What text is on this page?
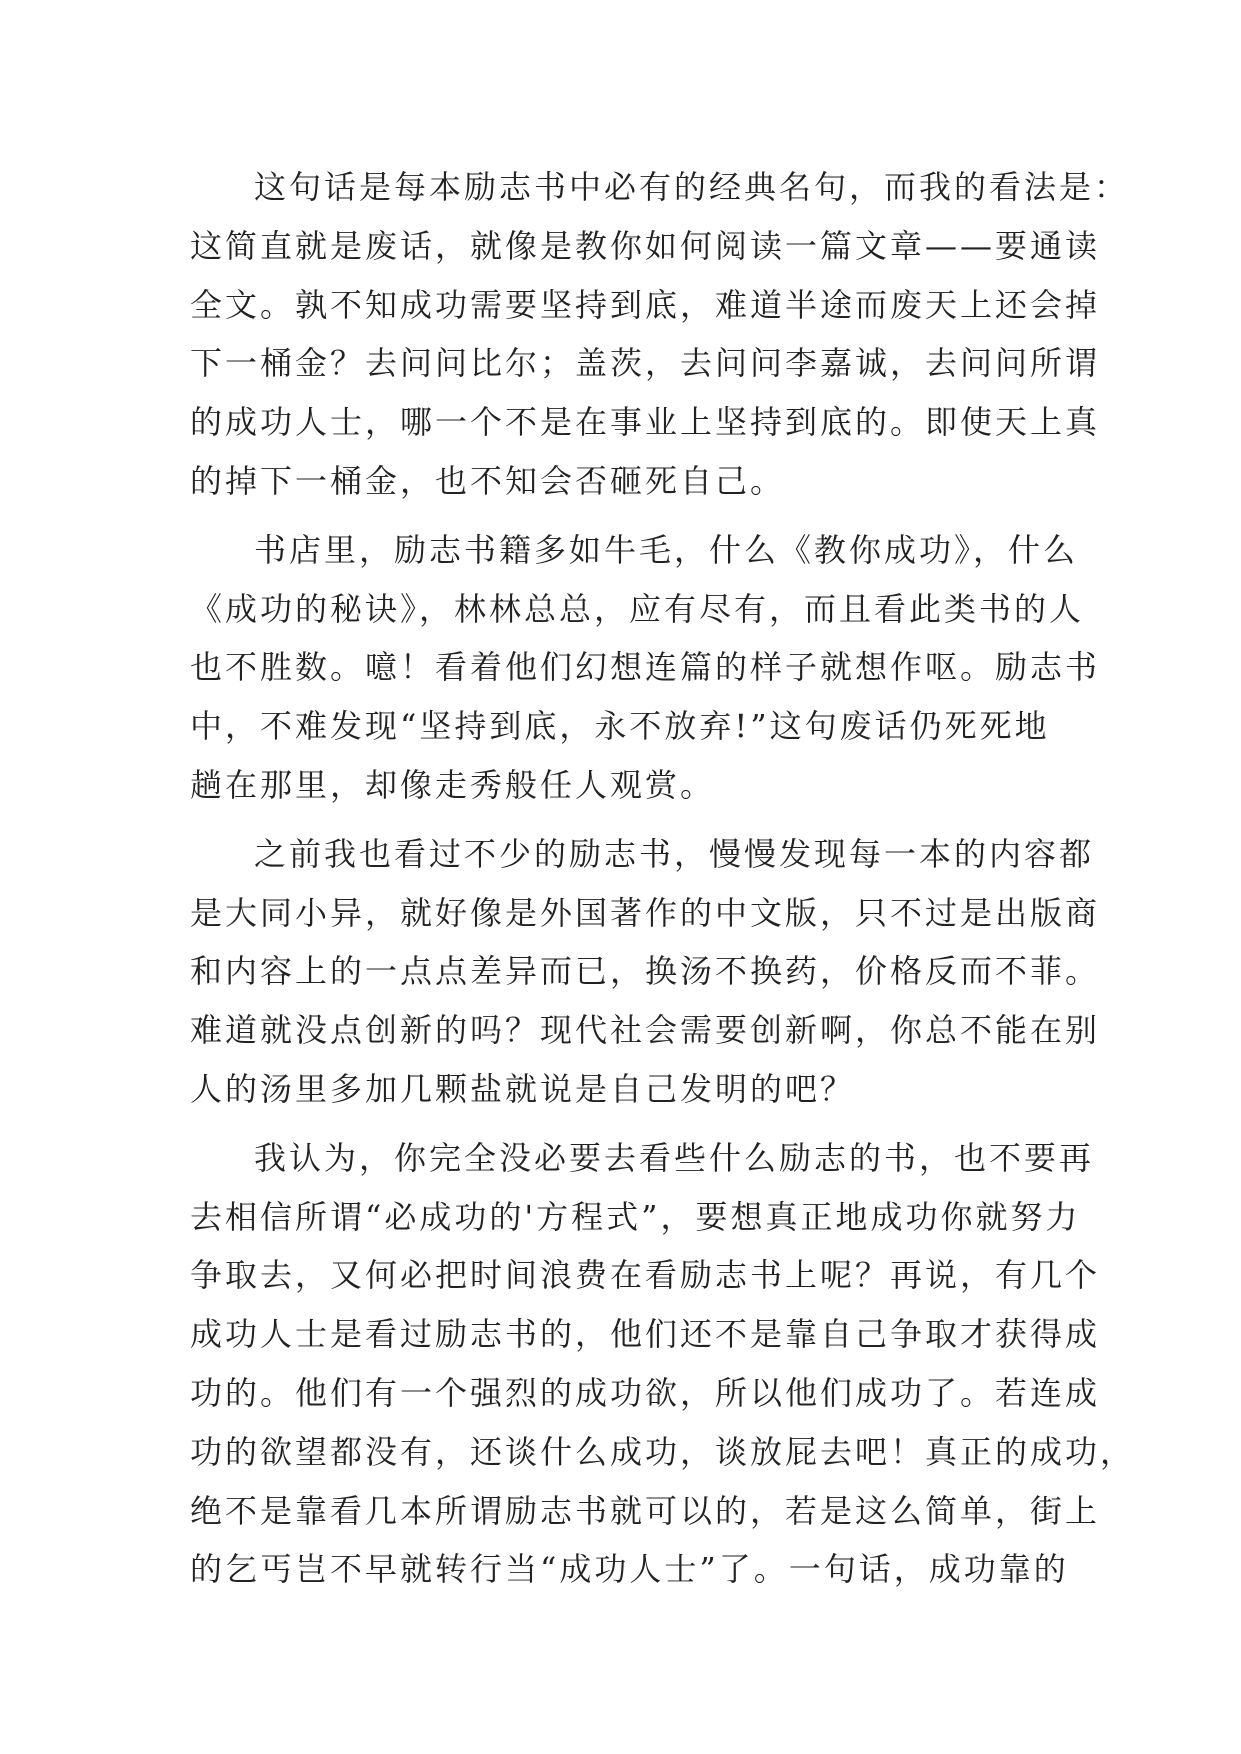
这句话是每本励志书中必有的经典名句，而我的看法是：
这简直就是废话，就像是教你如何阅读一篇文章——要通读
全文。孰不知成功需要坚持到底，难道半途而废天上还会掉
下一桶金？去问问比尔；盖茨，去问问李嘉诚，去问问所谓
的成功人士，哪一个不是在事业上坚持到底的。即使天上真
的掉下一桶金，也不知会否砸死自己。

书店里，励志书籍多如牛毛，什么《教你成功》，什么
《成功的秘诀》，林林总总，应有尽有，而且看此类书的人
也不胜数。噫！看着他们幻想连篇的样子就想作呕。励志书
中，不难发现“坚持到底，永不放弃!”这句废话仍死死地
趟在那里，却像走秀般任人观赏。

之前我也看过不少的励志书，慢慢发现每一本的内容都
是大同小异，就好像是外国著作的中文版，只不过是出版商
和内容上的一点点差异而已，换汤不换药，价格反而不菲。
难道就没点创新的吗？现代社会需要创新啊，你总不能在别
人的汤里多加几颗盐就说是自己发明的吧？

我认为，你完全没必要去看些什么励志的书，也不要再
去相信所谓“必成功的'方程式”，要想真正地成功你就努力
争取去，又何必把时间浪费在看励志书上呢？再说，有几个
成功人士是看过励志书的，他们还不是靠自己争取才获得成
功的。他们有一个强烈的成功欲，所以他们成功了。若连成
功的欲望都没有，还谈什么成功，谈放屁去吧！真正的成功，
绝不是靠看几本所谓励志书就可以的，若是这么简单，街上
的乞丐岂不早就转行当“成功人士”了。一句话，成功靠的
